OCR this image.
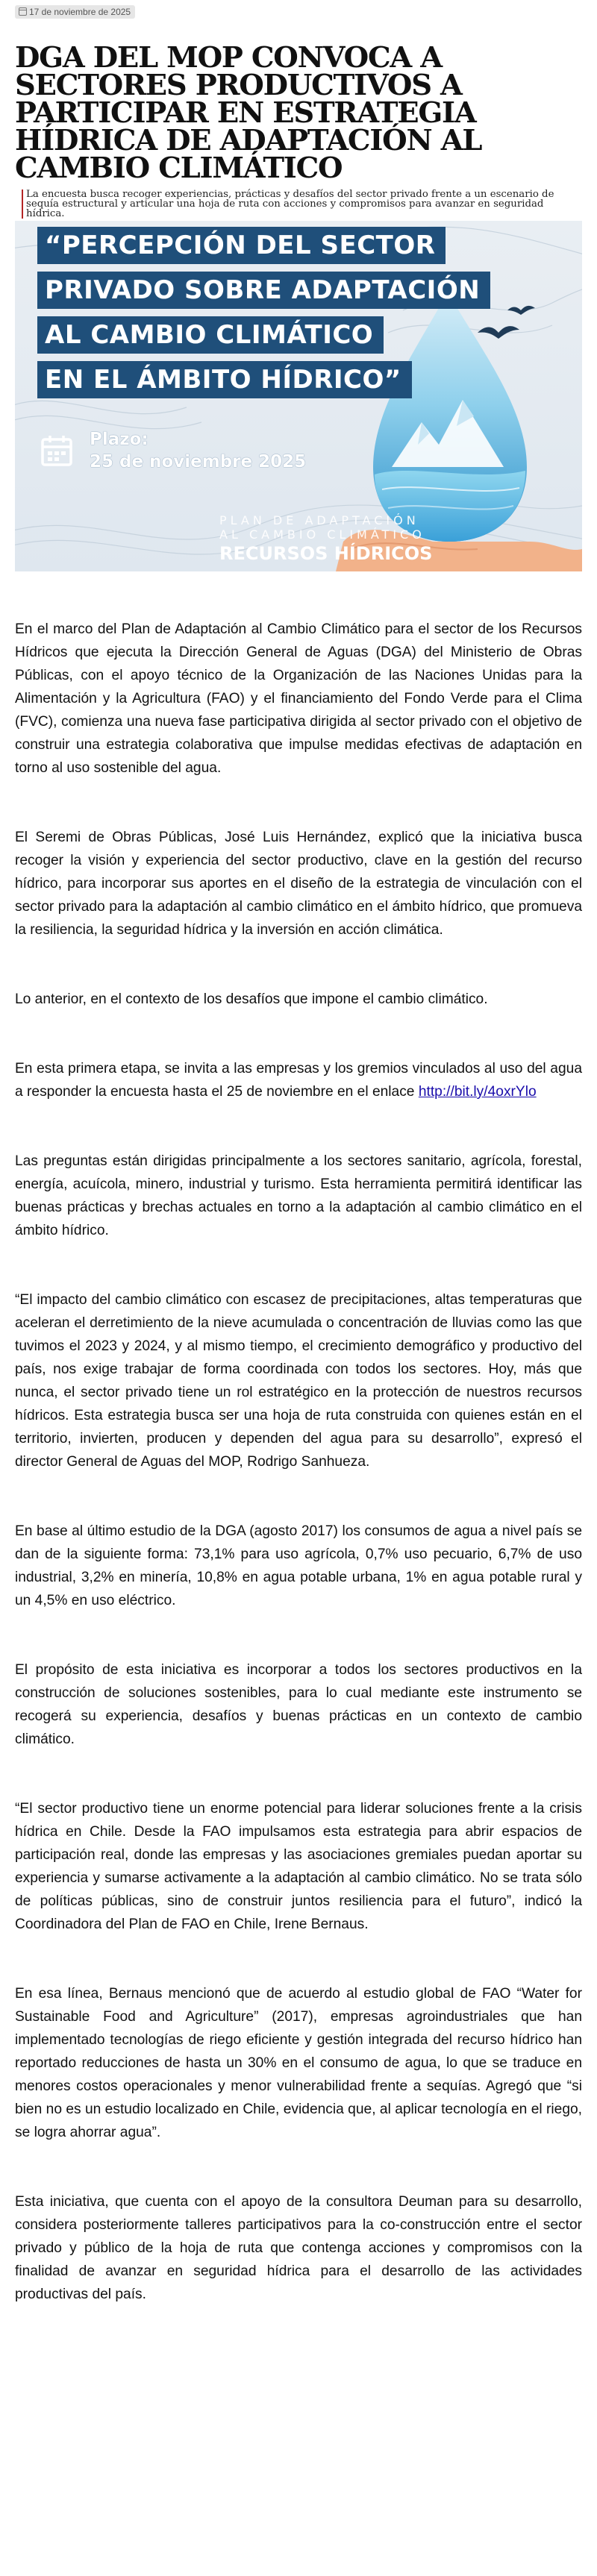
17 de noviembre de 2025
DGA DEL MOP CONVOCA A SECTORES PRODUCTIVOS A PARTICIPAR EN ESTRATEGIA HÍDRICA DE ADAPTACIÓN AL CAMBIO CLIMÁTICO
La encuesta busca recoger experiencias, prácticas y desafíos del sector privado frente a un escenario de sequía estructural y articular una hoja de ruta con acciones y compromisos para avanzar en seguridad hídrica.
“PERCEPCIÓN DEL SECTOR
PRIVADO SOBRE ADAPTACIÓN
AL CAMBIO CLIMÁTICO
EN EL ÁMBITO HÍDRICO”
Plazo:
25 de noviembre 2025
PLAN DE ADAPTACIÓN
AL CAMBIO CLIMÁTICO
RECURSOS HÍDRICOS

En el marco del Plan de Adaptación al Cambio Climático para el sector de los Recursos Hídricos que ejecuta la Dirección General de Aguas (DGA) del Ministerio de Obras Públicas, con el apoyo técnico de la Organización de las Naciones Unidas para la Alimentación y la Agricultura (FAO) y el financiamiento del Fondo Verde para el Clima (FVC), comienza una nueva fase participativa dirigida al sector privado con el objetivo de construir una estrategia colaborativa que impulse medidas efectivas de adaptación en torno al uso sostenible del agua.

El Seremi de Obras Públicas, José Luis Hernández, explicó que la iniciativa busca recoger la visión y experiencia del sector productivo, clave en la gestión del recurso hídrico, para incorporar sus aportes en el diseño de la estrategia de vinculación con el sector privado para la adaptación al cambio climático en el ámbito hídrico, que promueva la resiliencia, la seguridad hídrica y la inversión en acción climática.

Lo anterior, en el contexto de los desafíos que impone el cambio climático.

En esta primera etapa, se invita a las empresas y los gremios vinculados al uso del agua a responder la encuesta hasta el 25 de noviembre en el enlace http://bit.ly/4oxrYlo

Las preguntas están dirigidas principalmente a los sectores sanitario, agrícola, forestal, energía, acuícola, minero, industrial y turismo. Esta herramienta permitirá identificar las buenas prácticas y brechas actuales en torno a la adaptación al cambio climático en el ámbito hídrico.

“El impacto del cambio climático con escasez de precipitaciones, altas temperaturas que aceleran el derretimiento de la nieve acumulada o concentración de lluvias como las que tuvimos el 2023 y 2024, y al mismo tiempo, el crecimiento demográfico y productivo del país, nos exige trabajar de forma coordinada con todos los sectores. Hoy, más que nunca, el sector privado tiene un rol estratégico en la protección de nuestros recursos hídricos. Esta estrategia busca ser una hoja de ruta construida con quienes están en el territorio, invierten, producen y dependen del agua para su desarrollo”, expresó el director General de Aguas del MOP, Rodrigo Sanhueza.

En base al último estudio de la DGA (agosto 2017) los consumos de agua a nivel país se dan de la siguiente forma: 73,1% para uso agrícola, 0,7% uso pecuario, 6,7% de uso industrial, 3,2% en minería, 10,8% en agua potable urbana, 1% en agua potable rural y un 4,5% en uso eléctrico.

El propósito de esta iniciativa es incorporar a todos los sectores productivos en la construcción de soluciones sostenibles, para lo cual mediante este instrumento se recogerá su experiencia, desafíos y buenas prácticas en un contexto de cambio climático.

“El sector productivo tiene un enorme potencial para liderar soluciones frente a la crisis hídrica en Chile. Desde la FAO impulsamos esta estrategia para abrir espacios de participación real, donde las empresas y las asociaciones gremiales puedan aportar su experiencia y sumarse activamente a la adaptación al cambio climático. No se trata sólo de políticas públicas, sino de construir juntos resiliencia para el futuro”, indicó la Coordinadora del Plan de FAO en Chile, Irene Bernaus.

En esa línea, Bernaus mencionó que de acuerdo al estudio global de FAO “Water for Sustainable Food and Agriculture” (2017), empresas agroindustriales que han implementado tecnologías de riego eficiente y gestión integrada del recurso hídrico han reportado reducciones de hasta un 30% en el consumo de agua, lo que se traduce en menores costos operacionales y menor vulnerabilidad frente a sequías. Agregó que “si bien no es un estudio localizado en Chile, evidencia que, al aplicar tecnología en el riego, se logra ahorrar agua”.

Esta iniciativa, que cuenta con el apoyo de la consultora Deuman para su desarrollo, considera posteriormente talleres participativos para la co-construcción entre el sector privado y público de la hoja de ruta que contenga acciones y compromisos con la finalidad de avanzar en seguridad hídrica para el desarrollo de las actividades productivas del país.
